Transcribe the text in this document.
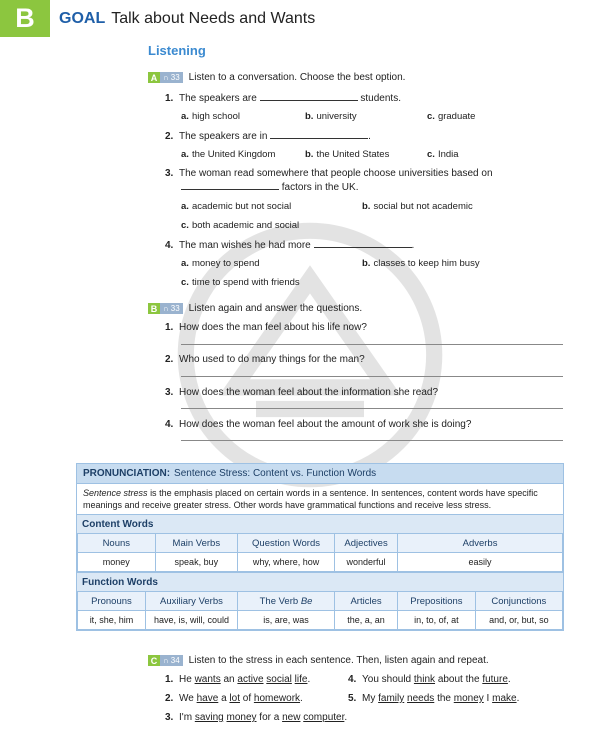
B	GOAL Talk about Needs and Wants
Listening
A ∩ 33 Listen to a conversation. Choose the best option.
1. The speakers are	students.
a. high school	b. university	c. graduate
2. The speakers are in	.
a. the United Kingdom	b. the United States	c. India
3. The woman read somewhere that people choose universities based on
factors in the UK.
a. academic but not social	b. social but not academic
c. both academic and social
4. The man wishes he had more	.
a. money to spend	b. classes to keep him busy
c. time to spend with friends
B ∩ 33 Listen again and answer the questions.
1. How does the man feel about his life now?
2. Who used to do many things for the man?
3. How does the woman feel about the information she read?
4. How does the woman feel about the amount of work she is doing?
PRONUNCIATION: Sentence Stress: Content vs. Function Words
Sentence stress is the emphasis placed on certain words in a sentence. In sentences, content words have specific meanings and receive greater stress. Other words have grammatical functions and receive less stress.
Content Words
Nouns	Main Verbs	Question Words	Adjectives	Adverbs
money	speak, buy	why, where, how	wonderful	easily
Function Words
Pronouns	Auxiliary Verbs	The Verb Be	Articles	Prepositions	Conjunctions
it, she, him	have, is, will, could	is, are, was	the, a, an	in, to, of, at	and, or, but, so
C ∩ 34 Listen to the stress in each sentence. Then, listen again and repeat.
1. He wants an active social life.	4. You should think about the future.
2. We have a lot of homework.	5. My family needs the money I make.
3. I'm saving money for a new computer.
